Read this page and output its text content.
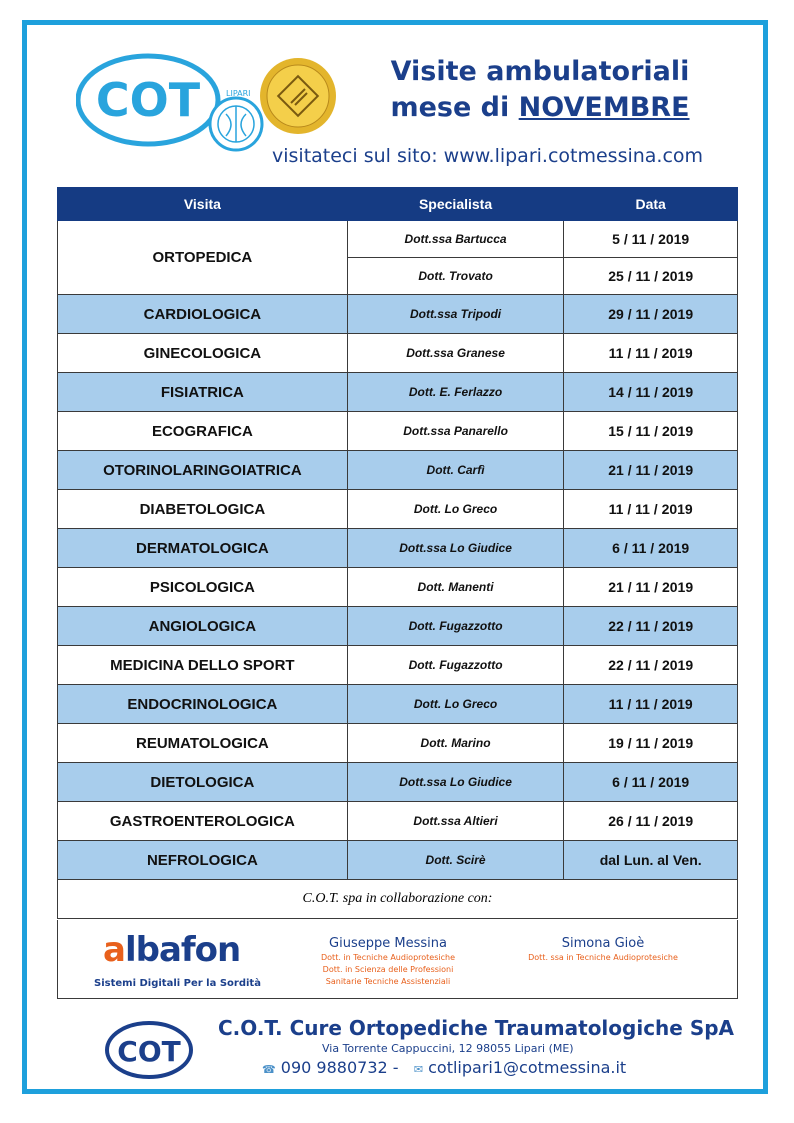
COT	LIPARI
Visite ambulatoriali
mese di NOVEMBRE
visitateci sul sito: www.lipari.cotmessina.com
Visita	Specialista	Data
ORTOPEDICA	Dott.ssa Bartucca	5 / 11 / 2019
	Dott. Trovato	25 / 11 / 2019
CARDIOLOGICA	Dott.ssa Tripodi	29 / 11 / 2019
GINECOLOGICA	Dott.ssa Granese	11 / 11 / 2019
FISIATRICA	Dott. E. Ferlazzo	14 / 11 / 2019
ECOGRAFICA	Dott.ssa Panarello	15 / 11 / 2019
OTORINOLARINGOIATRICA	Dott. Carfì	21 / 11 / 2019
DIABETOLOGICA	Dott. Lo Greco	11 / 11 / 2019
DERMATOLOGICA	Dott.ssa Lo Giudice	6 / 11 / 2019
PSICOLOGICA	Dott. Manenti	21 / 11 / 2019
ANGIOLOGICA	Dott. Fugazzotto	22 / 11 / 2019
MEDICINA DELLO SPORT	Dott. Fugazzotto	22 / 11 / 2019
ENDOCRINOLOGICA	Dott. Lo Greco	11 / 11 / 2019
REUMATOLOGICA	Dott. Marino	19 / 11 / 2019
DIETOLOGICA	Dott.ssa Lo Giudice	6 / 11 / 2019
GASTROENTEROLOGICA	Dott.ssa Altieri	26 / 11 / 2019
NEFROLOGICA	Dott. Scirè	dal Lun. al Ven.
C.O.T. spa in collaborazione con:		
albafon
Sistemi Digitali Per la Sordità
Giuseppe Messina
Dott. in Tecniche Audioprotesiche
Dott. in Scienza delle Professioni
Sanitarie Tecniche Assistenziali
Simona Gioè
Dott. ssa in Tecniche Audioprotesiche
COT
C.O.T. Cure Ortopediche Traumatologiche SpA
Via Torrente Cappuccini, 12 98055 Lipari (ME)
☎ 090 9880732 - ✉ cotlipari1@cotmessina.it
